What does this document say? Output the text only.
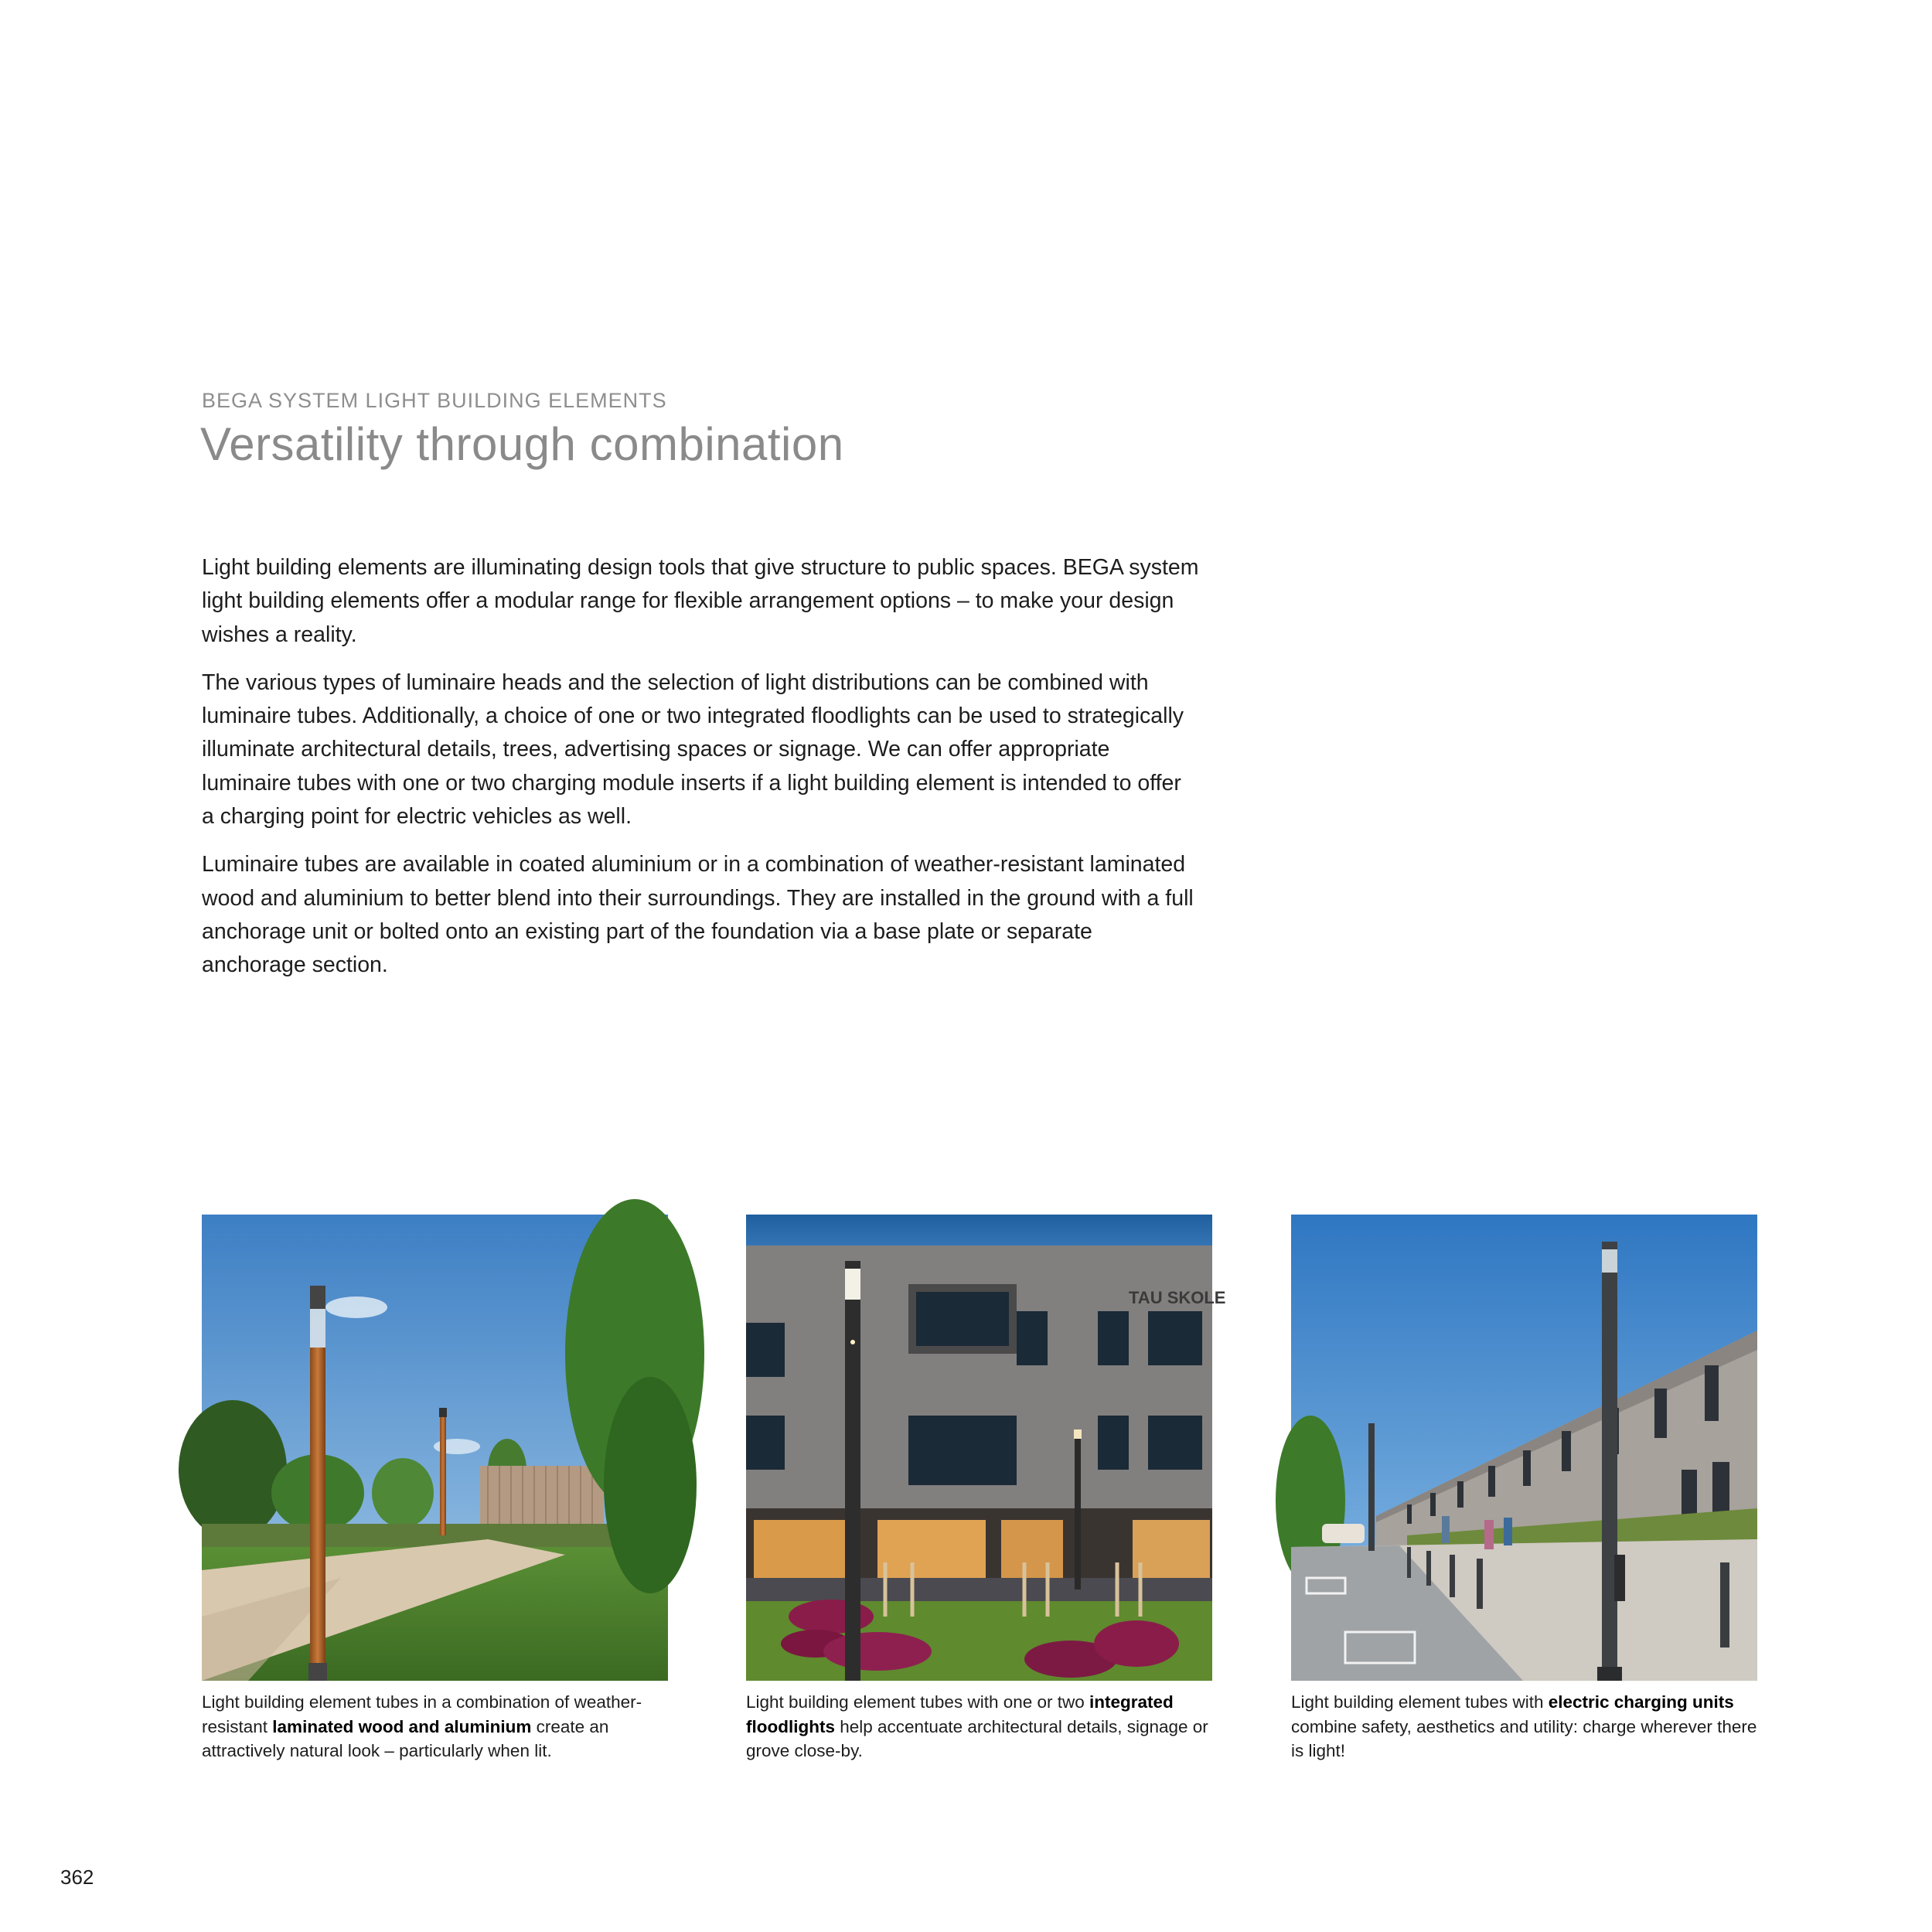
BEGA SYSTEM LIGHT BUILDING ELEMENTS
Versatility through combination

Light building elements are illuminating design tools that give structure to public spaces. BEGA system light building elements offer a modular range for flexible arrangement options – to make your design wishes a reality.

The various types of luminaire heads and the selection of light distributions can be combined with luminaire tubes. Additionally, a choice of one or two integrated floodlights can be used to strategically illuminate architectural details, trees, advertising spaces or signage. We can offer appropriate luminaire tubes with one or two charging module inserts if a light building element is intended to offer a charging point for electric vehicles as well.

Luminaire tubes are available in coated aluminium or in a combination of weather-resistant laminated wood and aluminium to better blend into their surroundings. They are installed in the ground with a full anchorage unit or bolted onto an existing part of the foundation via a base plate or separate anchorage section.

Light building element tubes in a combination of weather-resistant laminated wood and aluminium create an attractively natural look – particularly when lit.
TAU SKOLE
Light building element tubes with one or two integrated floodlights help accentuate architectural details, signage or grove close-by.
Light building element tubes with electric charging units combine safety, aesthetics and utility: charge wherever there is light!
362
